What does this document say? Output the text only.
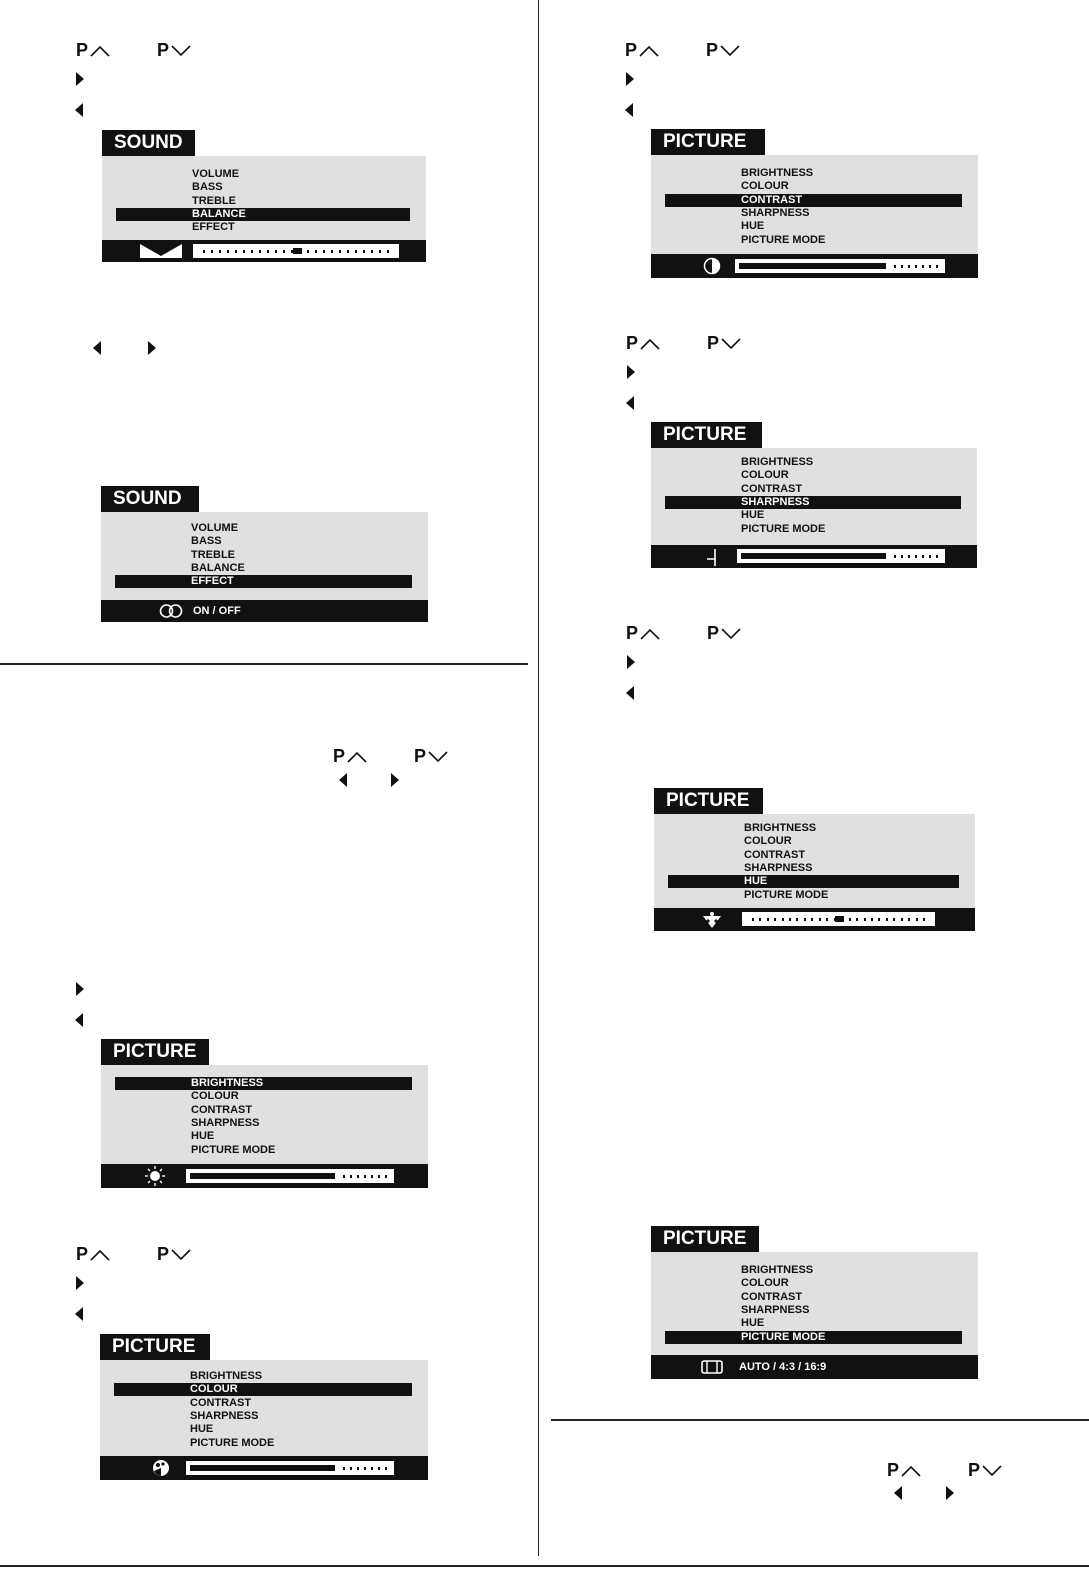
P	P
P	P
P	P
P	P
P	P
P	P
P	P
SOUND
VOLUME
BASS
TREBLE
BALANCE
EFFECT
SOUND
VOLUME
BASS
TREBLE
BALANCE
EFFECT
ON / OFF
PICTURE
BRIGHTNESS
COLOUR
CONTRAST
SHARPNESS
HUE
PICTURE MODE
PICTURE
BRIGHTNESS
COLOUR
CONTRAST
SHARPNESS
HUE
PICTURE MODE
PICTURE
BRIGHTNESS
COLOUR
CONTRAST
SHARPNESS
HUE
PICTURE MODE
PICTURE
BRIGHTNESS
COLOUR
CONTRAST
SHARPNESS
HUE
PICTURE MODE
PICTURE
BRIGHTNESS
COLOUR
CONTRAST
SHARPNESS
HUE
PICTURE MODE
PICTURE
BRIGHTNESS
COLOUR
CONTRAST
SHARPNESS
HUE
PICTURE MODE
AUTO / 4:3 / 16:9
